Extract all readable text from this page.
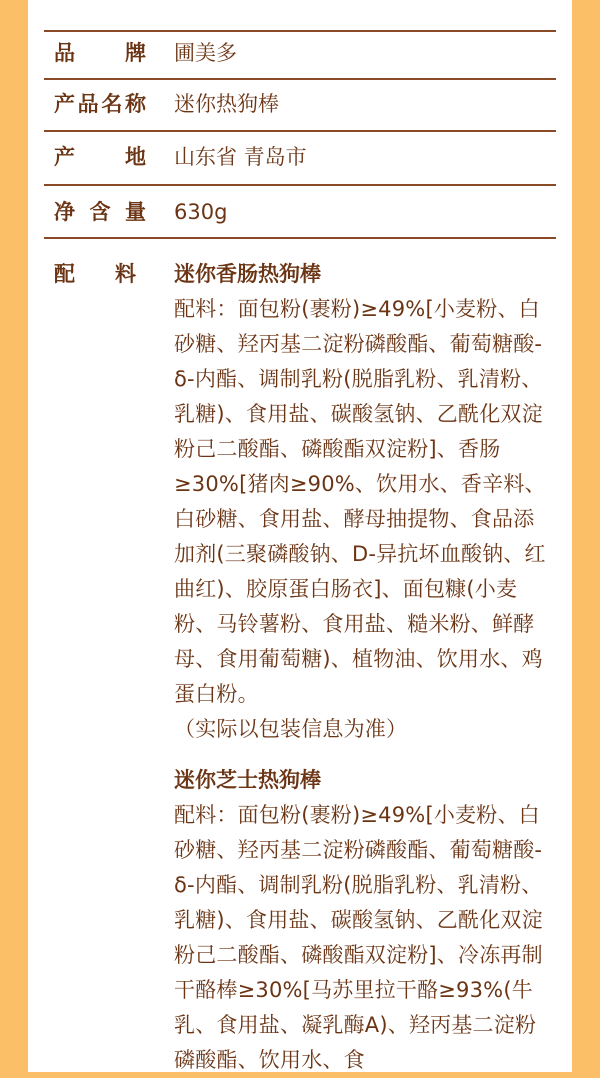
品 牌 圃美多
产 品 名 称 迷你热狗棒
产 地 山东省 青岛市
净 含 量 630g
配 料 迷你香肠热狗棒

配料：面包粉(裹粉)≥49%[小麦粉、白砂糖、羟丙基二淀粉磷酸酯、葡萄糖酸-δ-内酯、调制乳粉(脱脂乳粉、乳清粉、乳糖)、食用盐、碳酸氢钠、乙酰化双淀粉己二酸酯、磷酸酯双淀粉]、香肠≥30%[猪肉≥90%、饮用水、香辛料、白砂糖、食用盐、酵母抽提物、食品添加剂(三聚磷酸钠、D-异抗坏血酸钠、红曲红)、胶原蛋白肠衣]、面包糠(小麦粉、马铃薯粉、食用盐、糙米粉、鲜酵母、食用葡萄糖)、植物油、饮用水、鸡蛋白粉。

（实际以包装信息为准）

迷你芝士热狗棒

配料：面包粉(裹粉)≥49%[小麦粉、白砂糖、羟丙基二淀粉磷酸酯、葡萄糖酸-δ-内酯、调制乳粉(脱脂乳粉、乳清粉、乳糖)、食用盐、碳酸氢钠、乙酰化双淀粉己二酸酯、磷酸酯双淀粉]、冷冻再制干酪棒≥30%[马苏里拉干酪≥93%(牛乳、食用盐、凝乳酶A)、羟丙基二淀粉磷酸酯、饮用水、食
